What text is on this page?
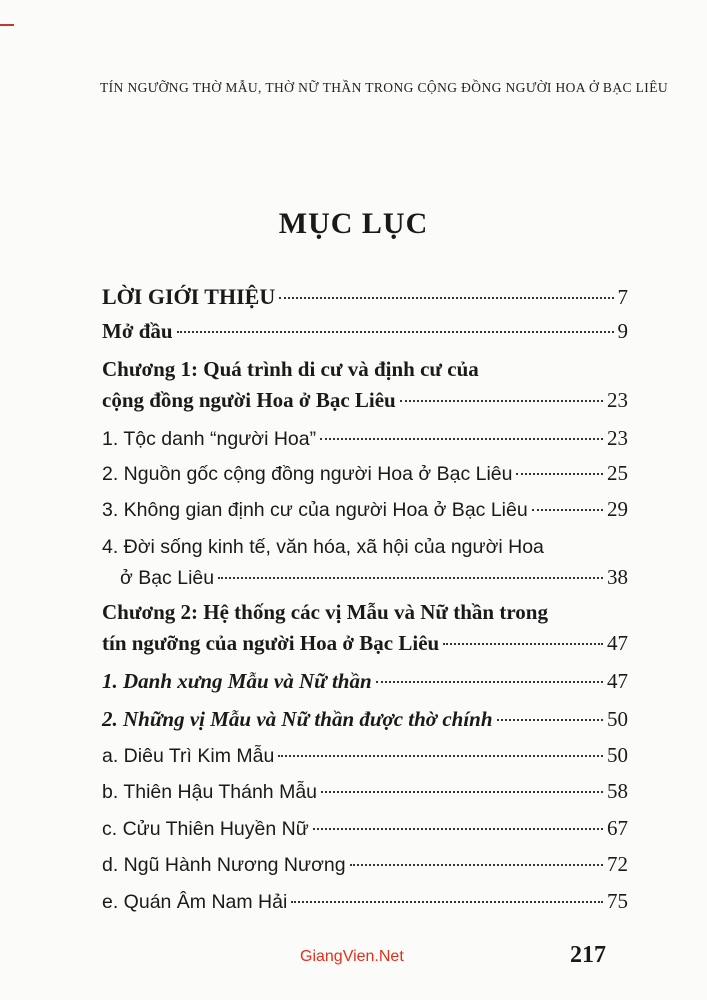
TÍN NGƯỠNG THỜ MẪU, THỜ NỮ THẦN TRONG CỘNG ĐỒNG NGƯỜI HOA Ở BẠC LIÊU
MỤC LỤC
LỜI GIỚI THIỆU	7
Mở đầu	9
Chương 1: Quá trình di cư và định cư của
cộng đồng người Hoa ở Bạc Liêu	23
1. Tộc danh “người Hoa”	23
2. Nguồn gốc cộng đồng người Hoa ở Bạc Liêu	25
3. Không gian định cư của người Hoa ở Bạc Liêu	29
4. Đời sống kinh tế, văn hóa, xã hội của người Hoa
ở Bạc Liêu	38
Chương 2: Hệ thống các vị Mẫu và Nữ thần trong
tín ngưỡng của người Hoa ở Bạc Liêu	47
1. Danh xưng Mẫu và Nữ thần	47
2. Những vị Mẫu và Nữ thần được thờ chính	50
a. Diêu Trì Kim Mẫu	50
b. Thiên Hậu Thánh Mẫu	58
c. Cửu Thiên Huyền Nữ	67
d. Ngũ Hành Nương Nương	72
e. Quán Âm Nam Hải	75
GiangVien.Net	217
